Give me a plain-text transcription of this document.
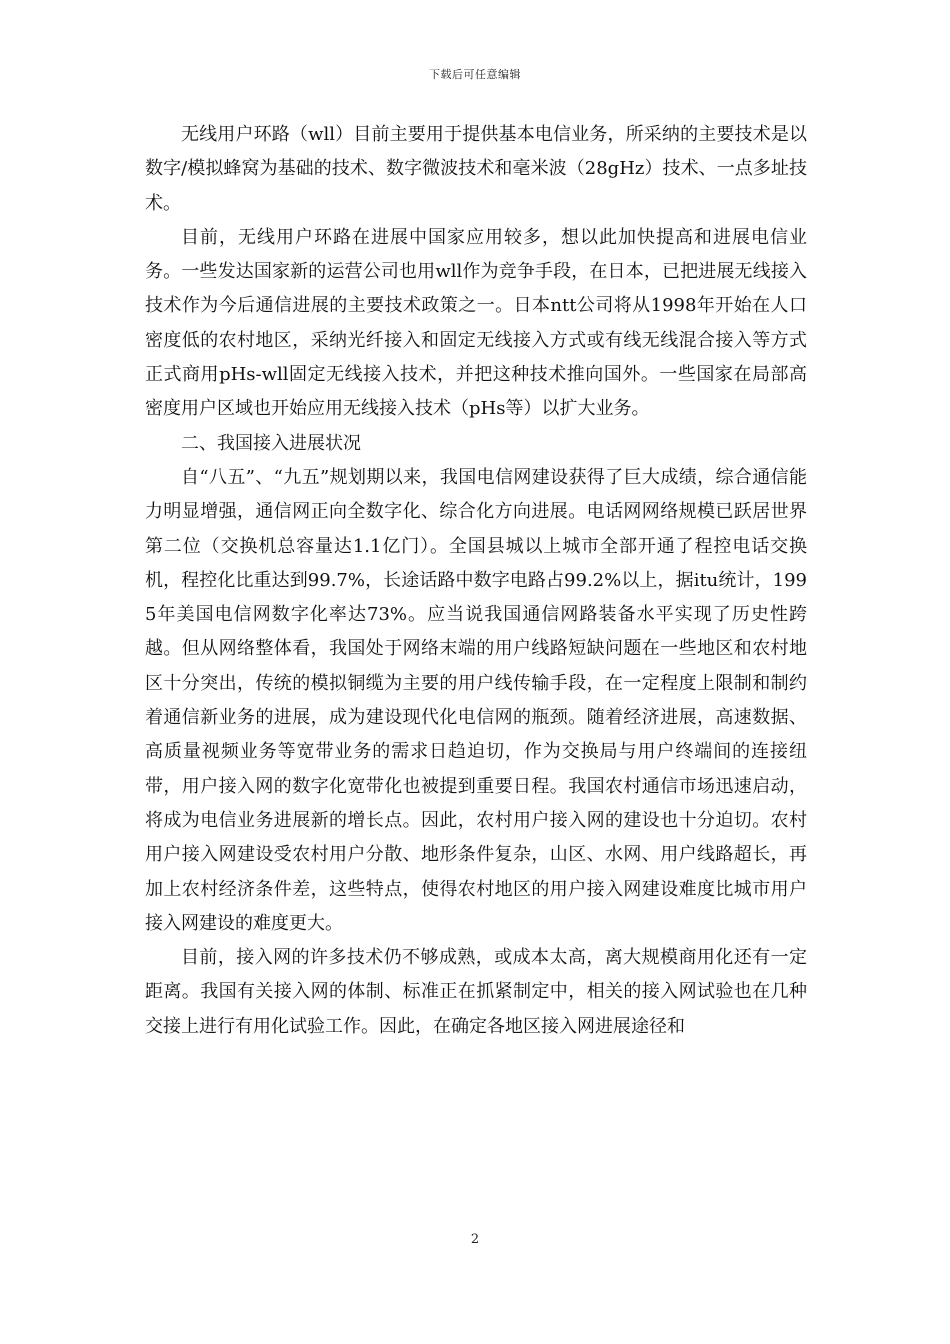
下载后可任意编辑

无线用户环路（wll）目前主要用于提供基本电信业务，所采纳的主要技术是以数字/模拟蜂窝为基础的技术、数字微波技术和毫米波（28gHz）技术、一点多址技术。

目前，无线用户环路在进展中国家应用较多，想以此加快提高和进展电信业务。一些发达国家新的运营公司也用wll作为竞争手段，在日本，已把进展无线接入技术作为今后通信进展的主要技术政策之一。日本ntt公司将从1998年开始在人口密度低的农村地区，采纳光纤接入和固定无线接入方式或有线无线混合接入等方式正式商用pHs-wll固定无线接入技术，并把这种技术推向国外。一些国家在局部高密度用户区域也开始应用无线接入技术（pHs等）以扩大业务。

二、我国接入进展状况

自“八五”、“九五”规划期以来，我国电信网建设获得了巨大成绩，综合通信能力明显增强，通信网正向全数字化、综合化方向进展。电话网网络规模已跃居世界第二位（交换机总容量达1.1亿门）。全国县城以上城市全部开通了程控电话交换机，程控化比重达到99.7%，长途话路中数字电路占99.2%以上，据itu统计，1995年美国电信网数字化率达73%。应当说我国通信网路装备水平实现了历史性跨越。但从网络整体看，我国处于网络末端的用户线路短缺问题在一些地区和农村地区十分突出，传统的模拟铜缆为主要的用户线传输手段，在一定程度上限制和制约着通信新业务的进展，成为建设现代化电信网的瓶颈。随着经济进展，高速数据、高质量视频业务等宽带业务的需求日趋迫切，作为交换局与用户终端间的连接纽带，用户接入网的数字化宽带化也被提到重要日程。我国农村通信市场迅速启动，将成为电信业务进展新的增长点。因此，农村用户接入网的建设也十分迫切。农村用户接入网建设受农村用户分散、地形条件复杂，山区、水网、用户线路超长，再加上农村经济条件差，这些特点，使得农村地区的用户接入网建设难度比城市用户接入网建设的难度更大。

目前，接入网的许多技术仍不够成熟，或成本太高，离大规模商用化还有一定距离。我国有关接入网的体制、标准正在抓紧制定中，相关的接入网试验也在几种交接上进行有用化试验工作。因此，在确定各地区接入网进展途径和

2
